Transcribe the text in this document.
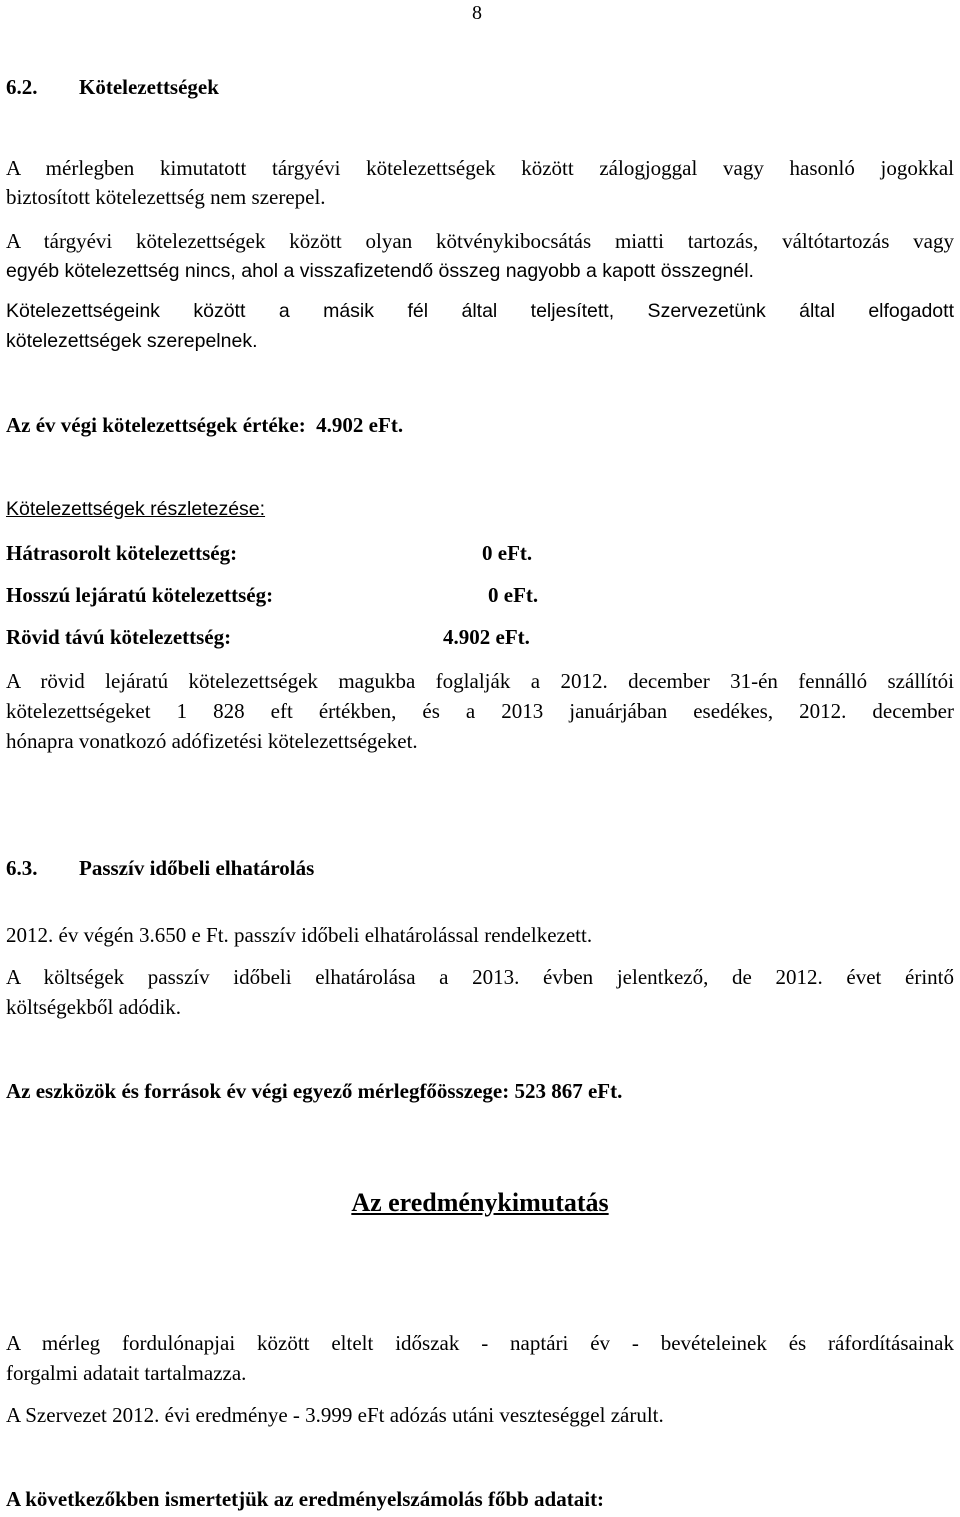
8
6.2. Kötelezettségek
A mérlegben kimutatott tárgyévi kötelezettségek között zálogjoggal vagy hasonló jogokkal
biztosított kötelezettség nem szerepel.
A tárgyévi kötelezettségek között olyan kötvénykibocsátás miatti tartozás, váltótartozás vagy
egyéb kötelezettség nincs, ahol a visszafizetendő összeg nagyobb a kapott összegnél.
Kötelezettségeink között a másik fél által teljesített, Szervezetünk által elfogadott
kötelezettségek szerepelnek.
Az év végi kötelezettségek értéke:  4.902 eFt.
Kötelezettségek részletezése:
Hátrasorolt kötelezettség:	0 eFt.
Hosszú lejáratú kötelezettség:	0 eFt.
Rövid távú kötelezettség:	4.902 eFt.
A rövid lejáratú kötelezettségek magukba foglalják a 2012. december 31-én fennálló szállítói
kötelezettségeket 1 828 eft értékben, és a 2013 januárjában esedékes, 2012. december
hónapra vonatkozó adófizetési kötelezettségeket.
6.3. Passzív időbeli elhatárolás
2012. év végén 3.650 e Ft. passzív időbeli elhatárolással rendelkezett.
A költségek passzív időbeli elhatárolása a 2013. évben jelentkező, de 2012. évet érintő
költségekből adódik.
Az eszközök és források év végi egyező mérlegfőösszege: 523 867 eFt.
Az eredménykimutatás
A mérleg fordulónapjai között eltelt időszak - naptári év - bevételeinek és ráfordításainak
forgalmi adatait tartalmazza.
A Szervezet 2012. évi eredménye - 3.999 eFt adózás utáni veszteséggel zárult.
A következőkben ismertetjük az eredményelszámolás főbb adatait:
